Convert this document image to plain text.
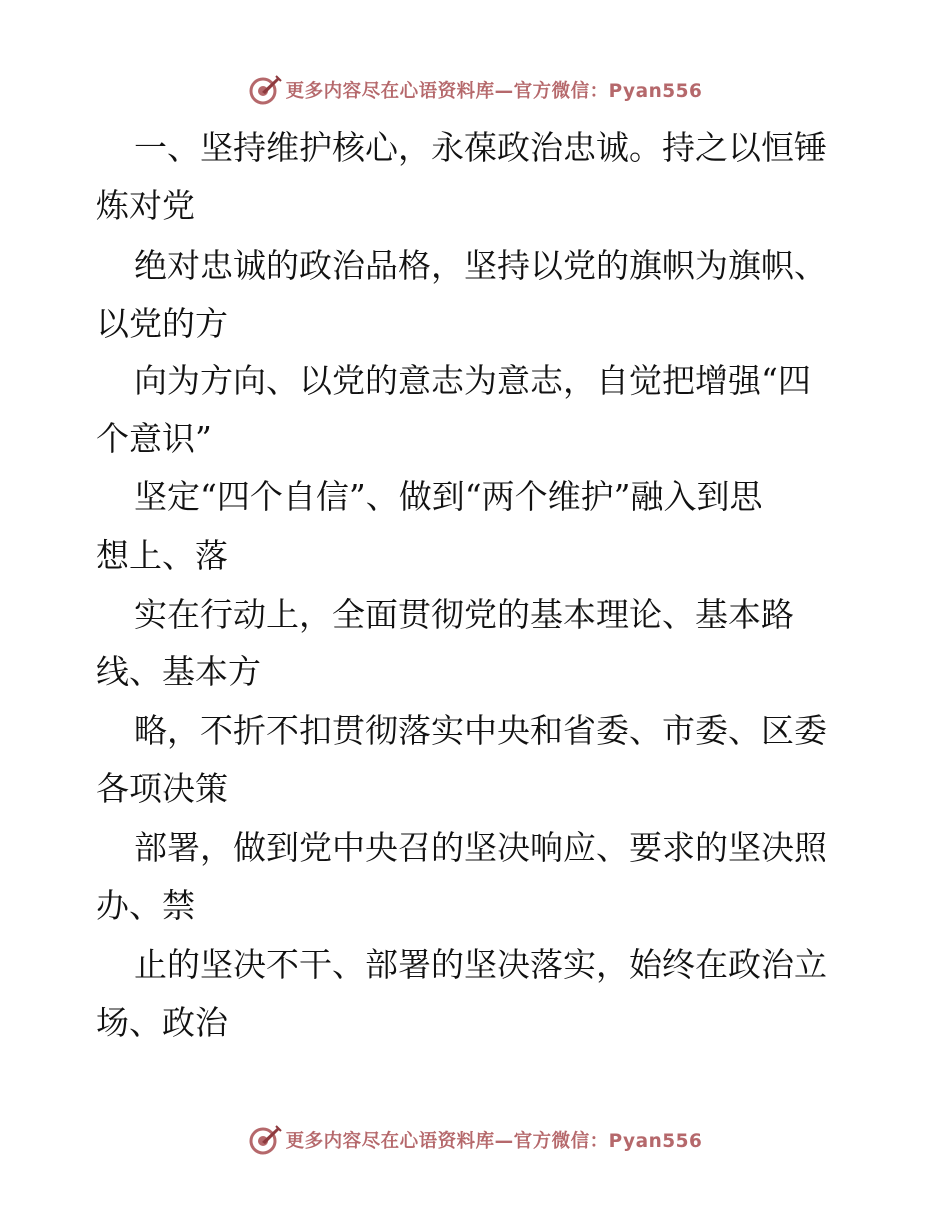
更多内容尽在心语资料库—官方微信：Pyan556
一、坚持维护核心，永葆政治忠诚。持之以恒锤
炼对党
绝对忠诚的政治品格，坚持以党的旗帜为旗帜、
以党的方
向为方向、以党的意志为意志，自觉把增强“四
个意识”
坚定“四个自信”、做到“两个维护”融入到思
想上、落
实在行动上，全面贯彻党的基本理论、基本路
线、基本方
略，不折不扣贯彻落实中央和省委、市委、区委
各项决策
部署，做到党中央召的坚决响应、要求的坚决照
办、禁
止的坚决不干、部署的坚决落实，始终在政治立
场、政治
更多内容尽在心语资料库—官方微信：Pyan556
